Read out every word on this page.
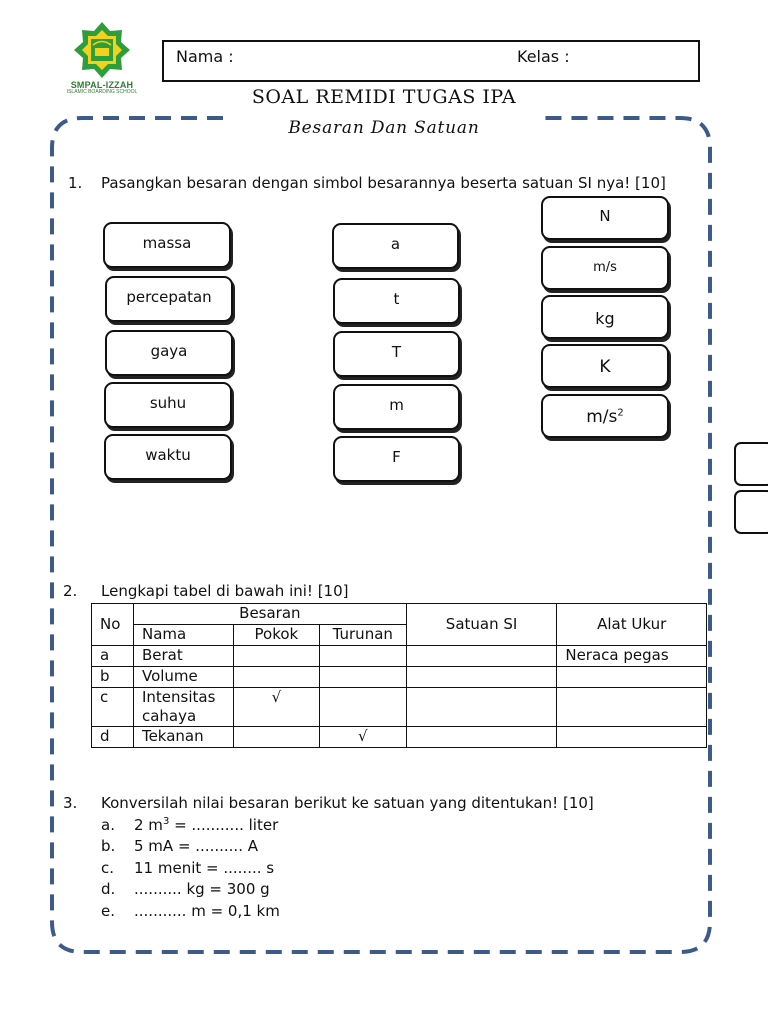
SMPAL-IZZAH
ISLAMIC BOARDING SCHOOL
Nama :	Kelas :
SOAL REMIDI TUGAS IPA
Besaran Dan Satuan
1. Pasangkan besaran dengan simbol besarannya beserta satuan SI nya! [10]
massa
percepatan
gaya
suhu
waktu
a
t
T
m
F
N
m/s
kg
K
$m/s^2$
2. Lengkapi tabel di bawah ini! [10]
No	Besaran			Satuan SI	Alat Ukur
	Nama	Pokok	Turunan		
a	Berat				Neraca pegas
b	Volume				
c	Intensitas cahaya	√			
d	Tekanan		√		
3. Konversilah nilai besaran berikut ke satuan yang ditentukan! [10]
a. 2 $m^3$ = ........... liter
b. 5 mA = .......... A
c. 11 menit = ........ s
d. .......... kg = 300 g
e. ........... m = 0,1 km
